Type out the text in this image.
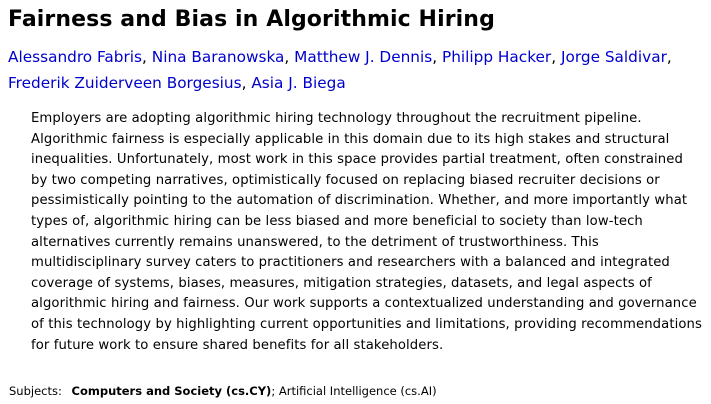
Fairness and Bias in Algorithmic Hiring
Alessandro Fabris, Nina Baranowska, Matthew J. Dennis, Philipp Hacker, Jorge Saldivar,
Frederik Zuiderveen Borgesius, Asia J. Biega

Employers are adopting algorithmic hiring technology throughout the recruitment pipeline. Algorithmic fairness is especially applicable in this domain due to its high stakes and structural inequalities. Unfortunately, most work in this space provides partial treatment, often constrained by two competing narratives, optimistically focused on replacing biased recruiter decisions or pessimistically pointing to the automation of discrimination. Whether, and more importantly what types of, algorithmic hiring can be less biased and more beneficial to society than low-tech alternatives currently remains unanswered, to the detriment of trustworthiness. This multidisciplinary survey caters to practitioners and researchers with a balanced and integrated coverage of systems, biases, measures, mitigation strategies, datasets, and legal aspects of algorithmic hiring and fairness. Our work supports a contextualized understanding and governance of this technology by highlighting current opportunities and limitations, providing recommendations for future work to ensure shared benefits for all stakeholders.

Subjects: Computers and Society (cs.CY); Artificial Intelligence (cs.AI)
